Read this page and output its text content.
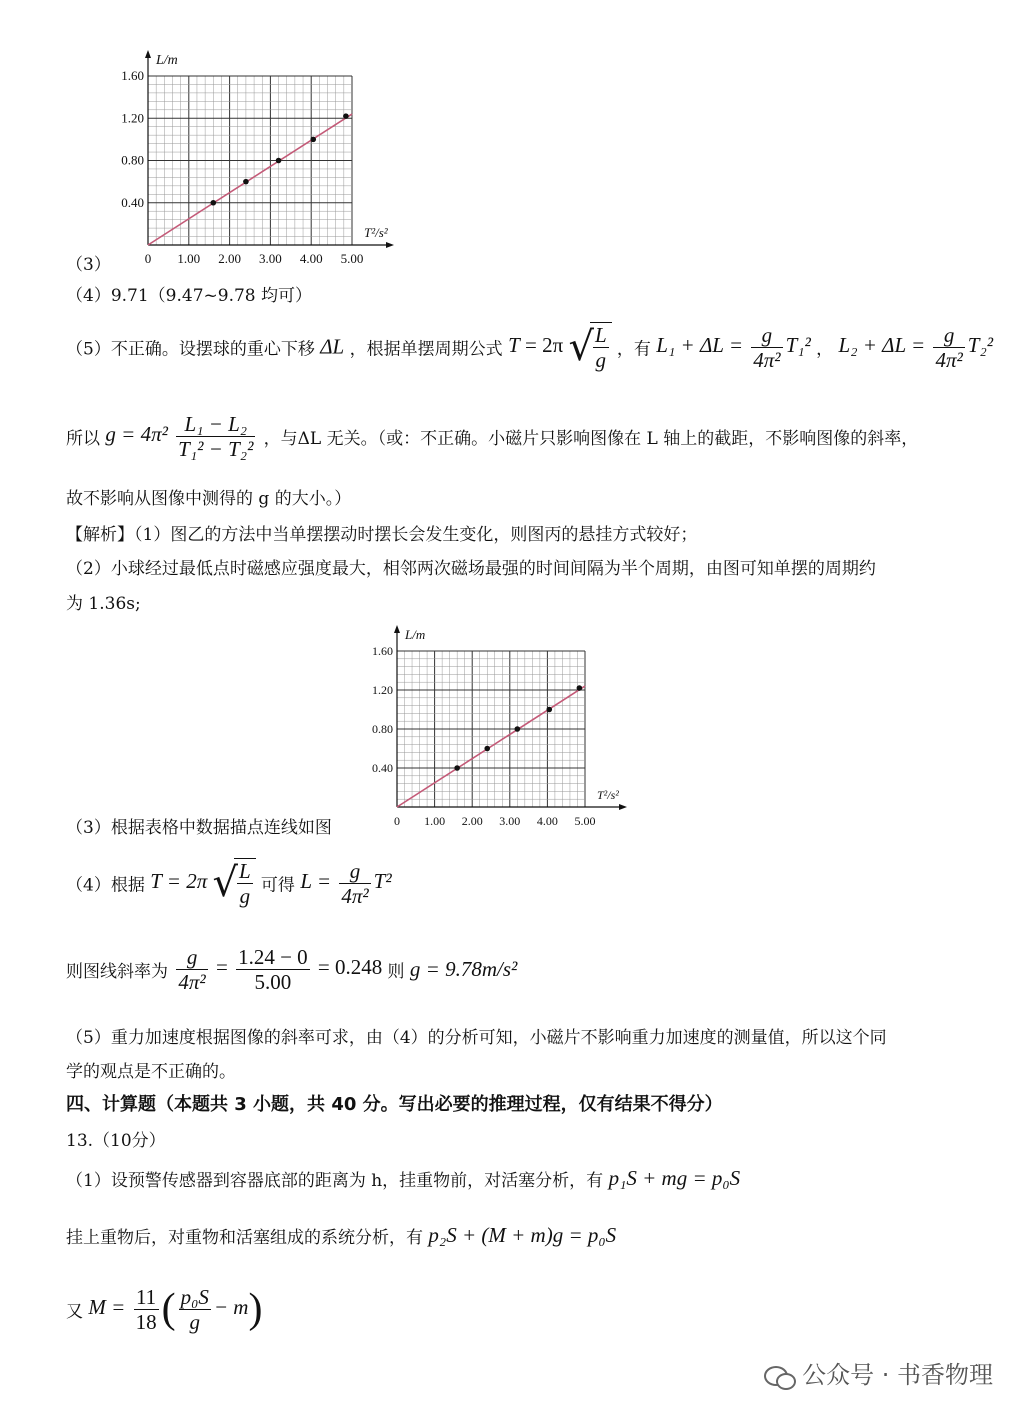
L/m
T²/s²
0.40
0.80
1.20
1.60
0 1.00 2.00 3.00 4.00 5.00
（3）
（4）9.71（9.47~9.78 均可）
（5）不正确。设摆球的重心下移 ΔL ，根据单摆周期公式 T = 2π √ $\frac{L}{g}$ ，有 $L_1 + \Delta L = \frac{g}{\text{4π²}} T_1^2$ ， $L_2 + \Delta L = \frac{g}{\text{4π²}} T_2^2$
所以 $g = 4\pi^2 \frac{\text{L₁ − L₂}}{\text{T₁² − T₂²}}$ ，与ΔL 无关。（或：不正确。小磁片只影响图像在 L 轴上的截距，不影响图像的斜率，
故不影响从图像中测得的 g 的大小。）
【解析】（1）图乙的方法中当单摆摆动时摆长会发生变化，则图丙的悬挂方式较好；
（2）小球经过最低点时磁感应强度最大，相邻两次磁场最强的时间间隔为半个周期，由图可知单摆的周期约
为 1.36s;
L/m
T²/s²
0.40
0.80
1.20
1.60
0 1.00 2.00 3.00 4.00 5.00
（3）根据表格中数据描点连线如图
（4）根据 T = 2π √ $\frac{L}{g}$ 可得 $L = \frac{g}{\text{4π²}} T^2$
则图线斜率为 $\frac{g}{\text{4π²}} = \frac{1.24 - 0}{5.00} = 0.248$ 则 g = 9.78m/s²
（5）重力加速度根据图像的斜率可求，由（4）的分析可知，小磁片不影响重力加速度的测量值，所以这个同
学的观点是不正确的。
四、计算题（本题共 3 小题，共 40 分。写出必要的推理过程，仅有结果不得分）
13.（10分）
（1）设预警传感器到容器底部的距离为 h，挂重物前，对活塞分析，有 p₁S + mg = p₀S
挂上重物后，对重物和活塞组成的系统分析，有 p₂S + (M + m)g = p₀S
又 $M = \frac{11}{18}$ ( $\frac{\text{p₀S}}{g} - m$)
公众号 · 书香物理
